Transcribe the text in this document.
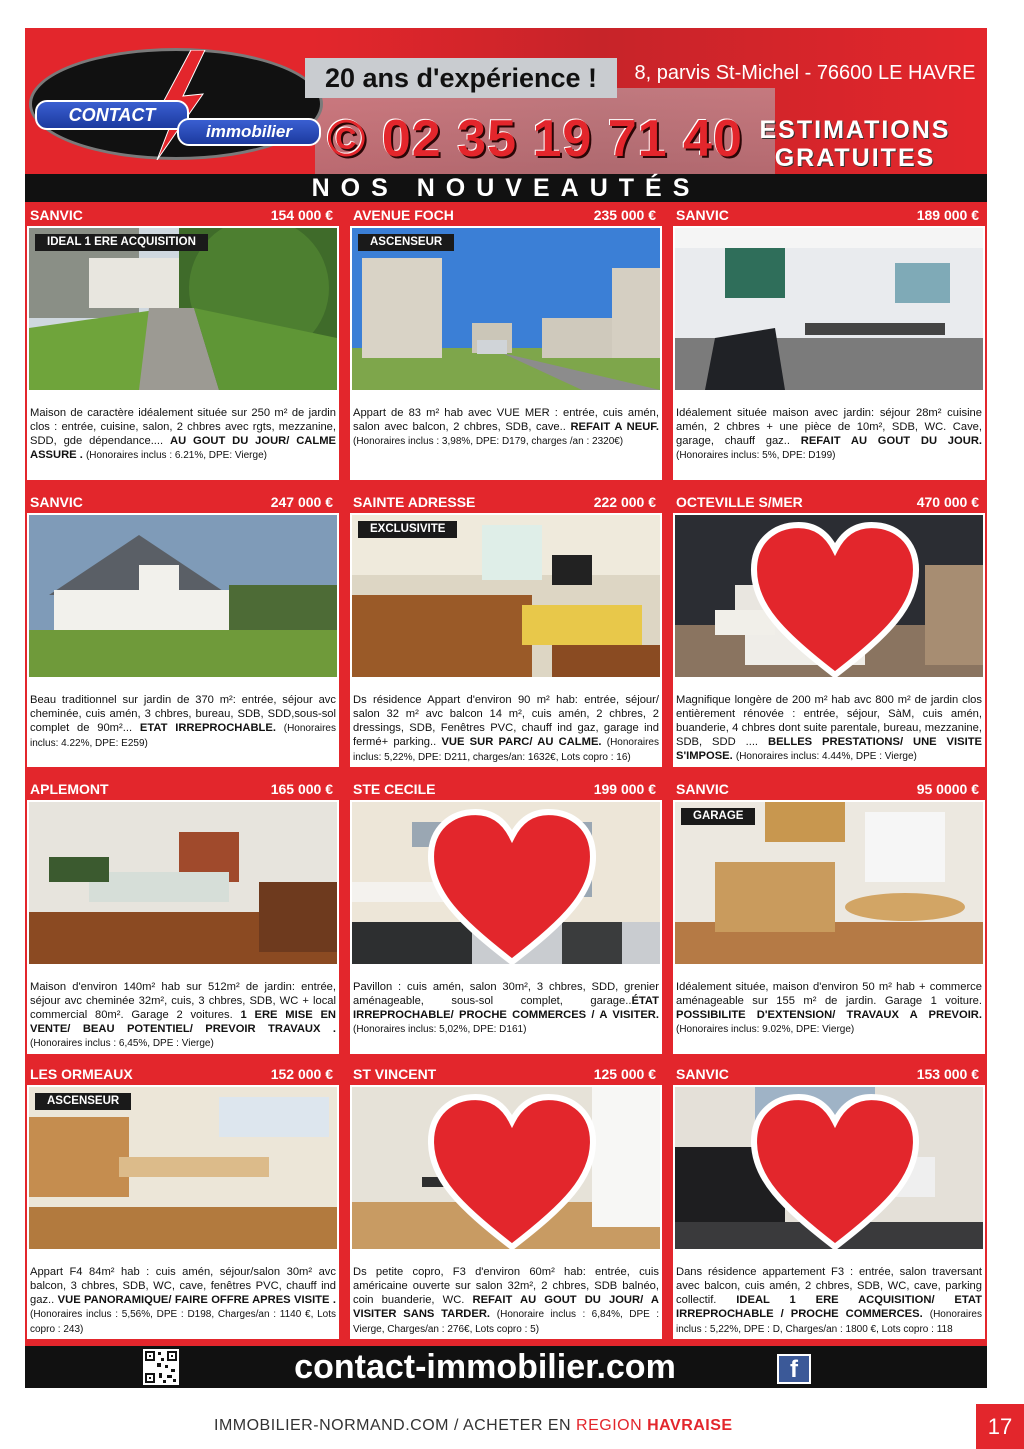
CONTACT
immobilier
20 ans d'expérience !	8, parvis St-Michel - 76600 LE HAVRE
© 02 35 19 71 40 ESTIMATIONS
GRATUITES
NOS NOUVEAUTÉS
SANVIC	154 000 €
IDEAL 1 ERE ACQUISITION
Maison de caractère idéalement située sur 250 m² de jardin clos : entrée, cuisine, salon, 2 chbres avec rgts, mezzanine, SDD, gde dépendance.... AU GOUT DU JOUR/ CALME ASSURE . (Honoraires inclus : 6.21%, DPE: Vierge)
AVENUE FOCH	235 000 €
ASCENSEUR
Appart de 83 m² hab avec VUE MER : entrée, cuis amén, salon avec balcon, 2 chbres, SDB, cave.. REFAIT A NEUF. (Honoraires inclus : 3,98%, DPE: D179, charges /an : 2320€)
SANVIC	189 000 €
Idéalement située maison avec jardin: séjour 28m² cuisine amén, 2 chbres + une pièce de 10m², SDB, WC. Cave, garage, chauff gaz.. REFAIT AU GOUT DU JOUR. (Honoraires inclus: 5%, DPE: D199)
SANVIC	247 000 €
Beau traditionnel sur jardin de 370 m²: entrée, séjour avc cheminée, cuis amén, 3 chbres, bureau, SDB, SDD,sous-sol complet de 90m²... ETAT IRREPROCHABLE. (Honoraires inclus: 4.22%, DPE: E259)
SAINTE ADRESSE	222 000 €
EXCLUSIVITE
Ds résidence Appart d'environ 90 m² hab: entrée, séjour/ salon 32 m² avc balcon 14 m², cuis amén, 2 chbres, 2 dressings, SDB, Fenêtres PVC, chauff ind gaz, garage ind fermé+ parking.. VUE SUR PARC/ AU CALME. (Honoraires inclus: 5,22%, DPE: D211, charges/an: 1632€, Lots copro : 16)
OCTEVILLE S/MER	470 000 €
Magnifique longère de 200 m² hab avc 800 m² de jardin clos entièrement rénovée : entrée, séjour, SàM, cuis amén, buanderie, 4 chbres dont suite parentale, bureau, mezzanine, SDB, SDD .... BELLES PRESTATIONS/ UNE VISITE S'IMPOSE. (Honoraires inclus: 4.44%, DPE : Vierge)
APLEMONT	165 000 €
Maison d'environ 140m² hab sur 512m² de jardin: entrée, séjour avc cheminée 32m², cuis, 3 chbres, SDB, WC + local commercial 80m². Garage 2 voitures. 1 ERE MISE EN VENTE/ BEAU POTENTIEL/ PREVOIR TRAVAUX . (Honoraires inclus : 6,45%, DPE : Vierge)
STE CECILE	199 000 €
Pavillon : cuis amén, salon 30m², 3 chbres, SDD, grenier aménageable, sous-sol complet, garage..ÉTAT IRREPROCHABLE/ PROCHE COMMERCES / A VISITER. (Honoraires inclus: 5,02%, DPE: D161)
SANVIC	95 0000 €
GARAGE
Idéalement située, maison d'environ 50 m² hab + commerce aménageable sur 155 m² de jardin. Garage 1 voiture. POSSIBILITE D'EXTENSION/ TRAVAUX A PREVOIR. (Honoraires inclus: 9.02%, DPE: Vierge)
LES ORMEAUX	152 000 €
ASCENSEUR
Appart F4 84m² hab : cuis amén, séjour/salon 30m² avc balcon, 3 chbres, SDB, WC, cave, fenêtres PVC, chauff ind gaz.. VUE PANORAMIQUE/ FAIRE OFFRE APRES VISITE . (Honoraires inclus : 5,56%, DPE : D198, Charges/an : 1140 €, Lots copro : 243)
ST VINCENT	125 000 €
Ds petite copro, F3 d'environ 60m² hab: entrée, cuis américaine ouverte sur salon 32m², 2 chbres, SDB balnéo, coin buanderie, WC. REFAIT AU GOUT DU JOUR/ A VISITER SANS TARDER. (Honoraire inclus : 6,84%, DPE : Vierge, Charges/an : 276€, Lots copro : 5)
SANVIC	153 000 €
Dans résidence appartement F3 : entrée, salon traversant avec balcon, cuis amén, 2 chbres, SDB, WC, cave, parking collectif. IDEAL 1 ERE ACQUISITION/ ETAT IRREPROCHABLE / PROCHE COMMERCES. (Honoraires inclus : 5,22%, DPE : D, Charges/an : 1800 €, Lots copro : 118
contact-immobilier.com	f
IMMOBILIER-NORMAND.COM / ACHETER EN REGION HAVRAISE	17
